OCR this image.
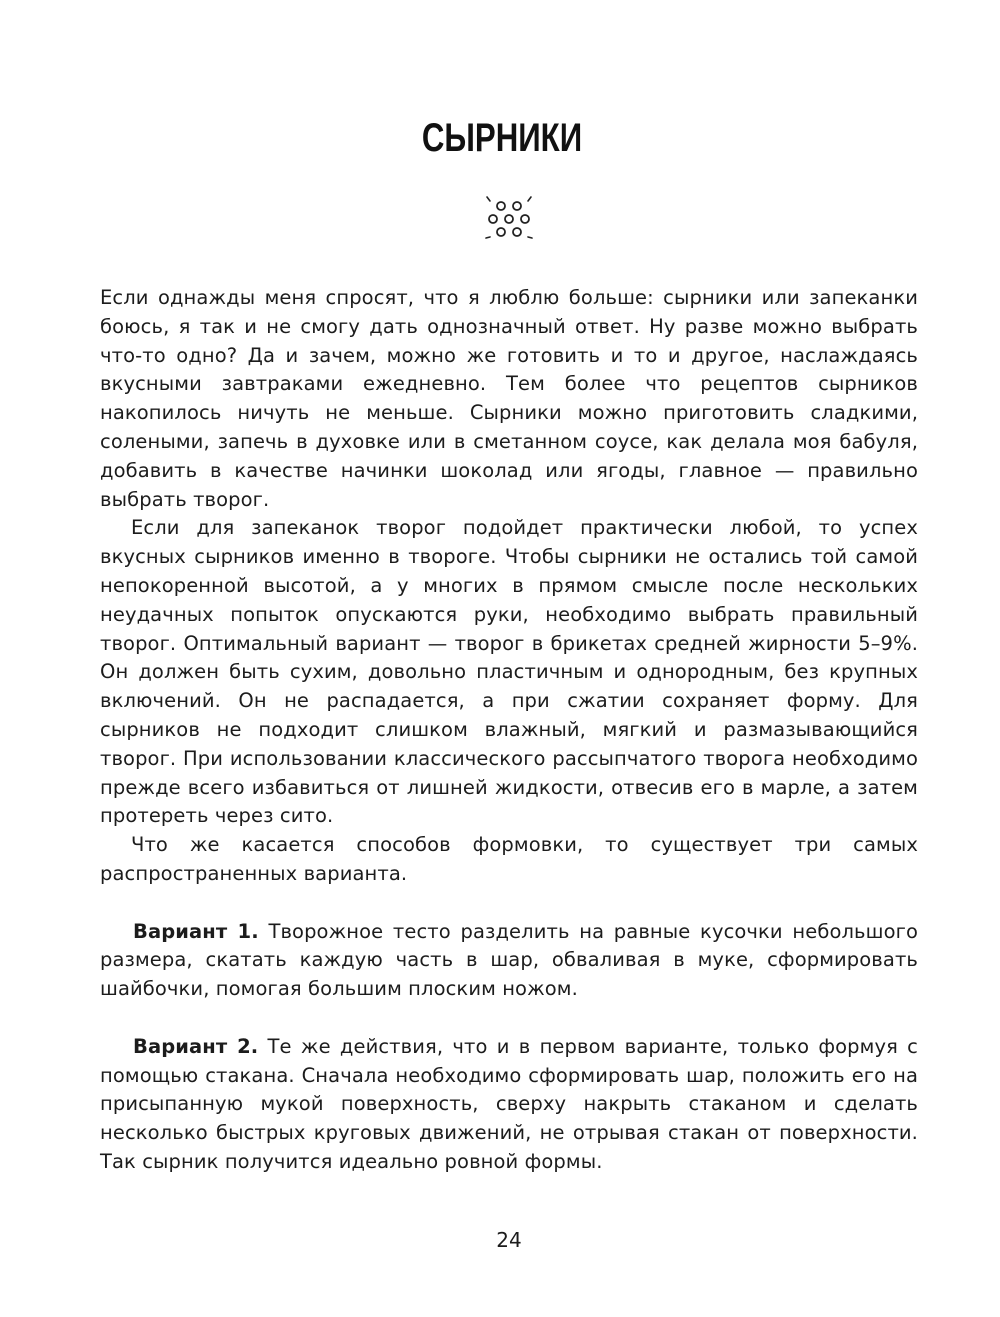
СЫРНИКИ

Если однажды меня спросят, что я люблю больше: сырники или запеканки боюсь, я так и не смогу дать однозначный ответ. Ну разве можно выбрать что-то одно? Да и зачем, можно же готовить и то и другое, наслаждаясь вкусными завтраками ежедневно. Тем более что рецептов сырников накопилось ничуть не меньше. Сырники можно приготовить сладкими, солеными, запечь в духовке или в сметанном соусе, как делала моя бабуля, добавить в качестве начинки шоколад или ягоды, главное — правильно выбрать творог.

Если для запеканок творог подойдет практически любой, то успех вкусных сырников именно в твороге. Чтобы сырники не остались той самой непокоренной высотой, а у многих в прямом смысле после нескольких неудачных попыток опускаются руки, необходимо выбрать правильный творог. Оптимальный вариант — творог в брикетах средней жирности 5–9%. Он должен быть сухим, довольно пластичным и однородным, без крупных включений. Он не распадается, а при сжатии сохраняет форму. Для сырников не подходит слишком влажный, мягкий и размазывающийся творог. При использовании классического рассыпчатого творога необходимо прежде всего избавиться от лишней жидкости, отвесив его в марле, а затем протереть через сито.

Что же касается способов формовки, то существует три самых распространенных варианта.

Вариант 1. Творожное тесто разделить на равные кусочки небольшого размера, скатать каждую часть в шар, обваливая в муке, сформировать шайбочки, помогая большим плоским ножом.

Вариант 2. Те же действия, что и в первом варианте, только формуя с помощью стакана. Сначала необходимо сформировать шар, положить его на присыпанную мукой поверхность, сверху накрыть стаканом и сделать несколько быстрых круговых движений, не отрывая стакан от поверхности. Так сырник получится идеально ровной формы.

24
